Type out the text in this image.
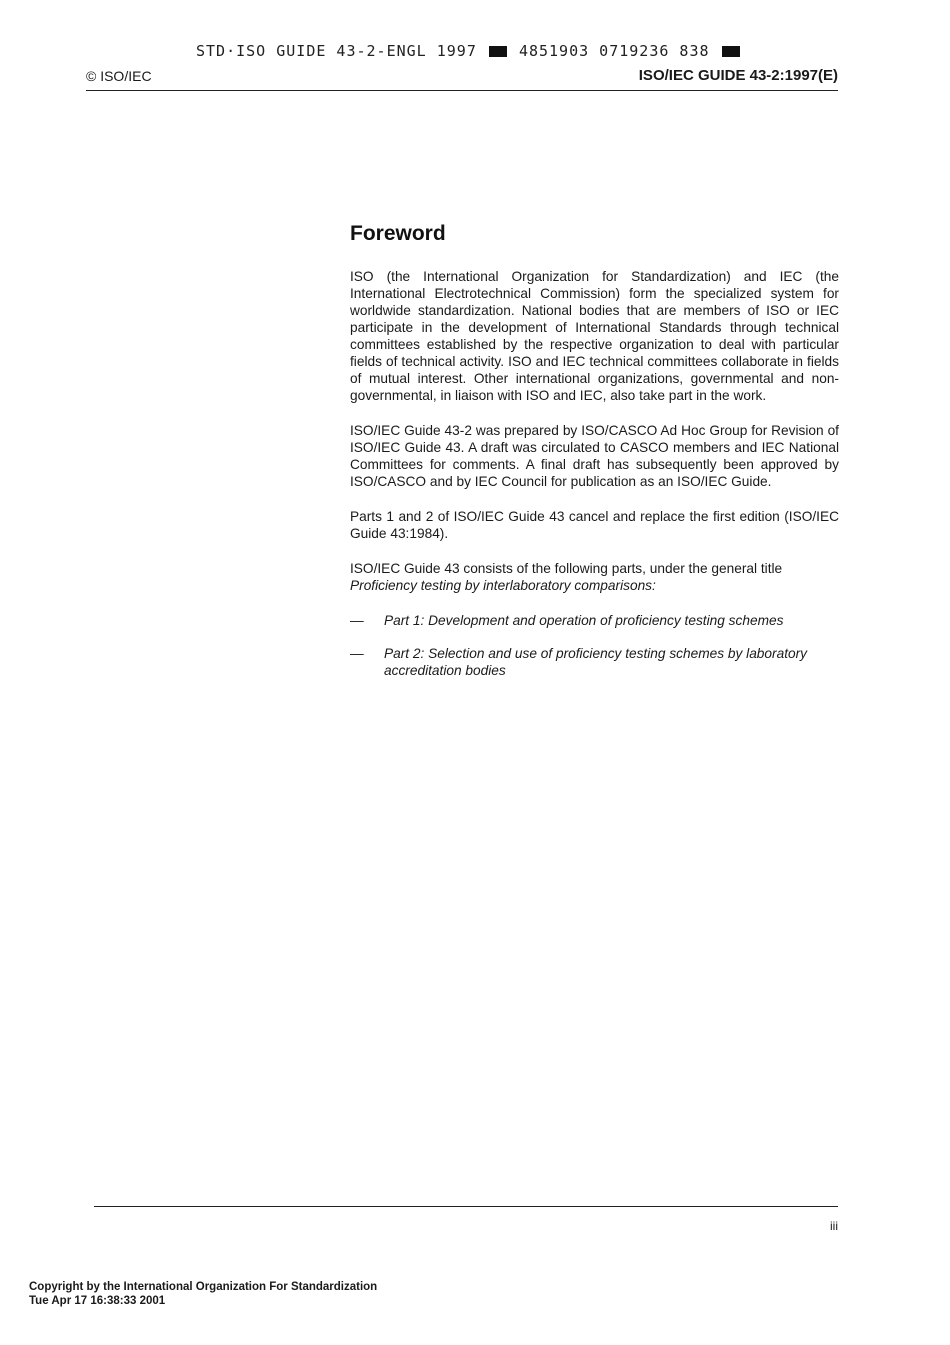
STD·ISO GUIDE 43-2-ENGL 1997	4851903 0719236 838
© ISO/IEC	ISO/IEC GUIDE 43-2:1997(E)
Foreword

ISO (the International Organization for Standardization) and IEC (the International Electrotechnical Commission) form the specialized system for worldwide standardization. National bodies that are members of ISO or IEC participate in the development of International Standards through technical committees established by the respective organization to deal with particular fields of technical activity. ISO and IEC technical committees collaborate in fields of mutual interest. Other international organizations, governmental and non-governmental, in liaison with ISO and IEC, also take part in the work.

ISO/IEC Guide 43-2 was prepared by ISO/CASCO Ad Hoc Group for Revision of ISO/IEC Guide 43. A draft was circulated to CASCO members and IEC National Committees for comments. A final draft has subsequently been approved by ISO/CASCO and by IEC Council for publication as an ISO/IEC Guide.

Parts 1 and 2 of ISO/IEC Guide 43 cancel and replace the first edition (ISO/IEC Guide 43:1984).

ISO/IEC Guide 43 consists of the following parts, under the general title
Proficiency testing by interlaboratory comparisons:

—	Part 1: Development and operation of proficiency testing schemes
—	Part 2: Selection and use of proficiency testing schemes by laboratory accreditation bodies
iii
Copyright by the International Organization For Standardization
Tue Apr 17 16:38:33 2001
